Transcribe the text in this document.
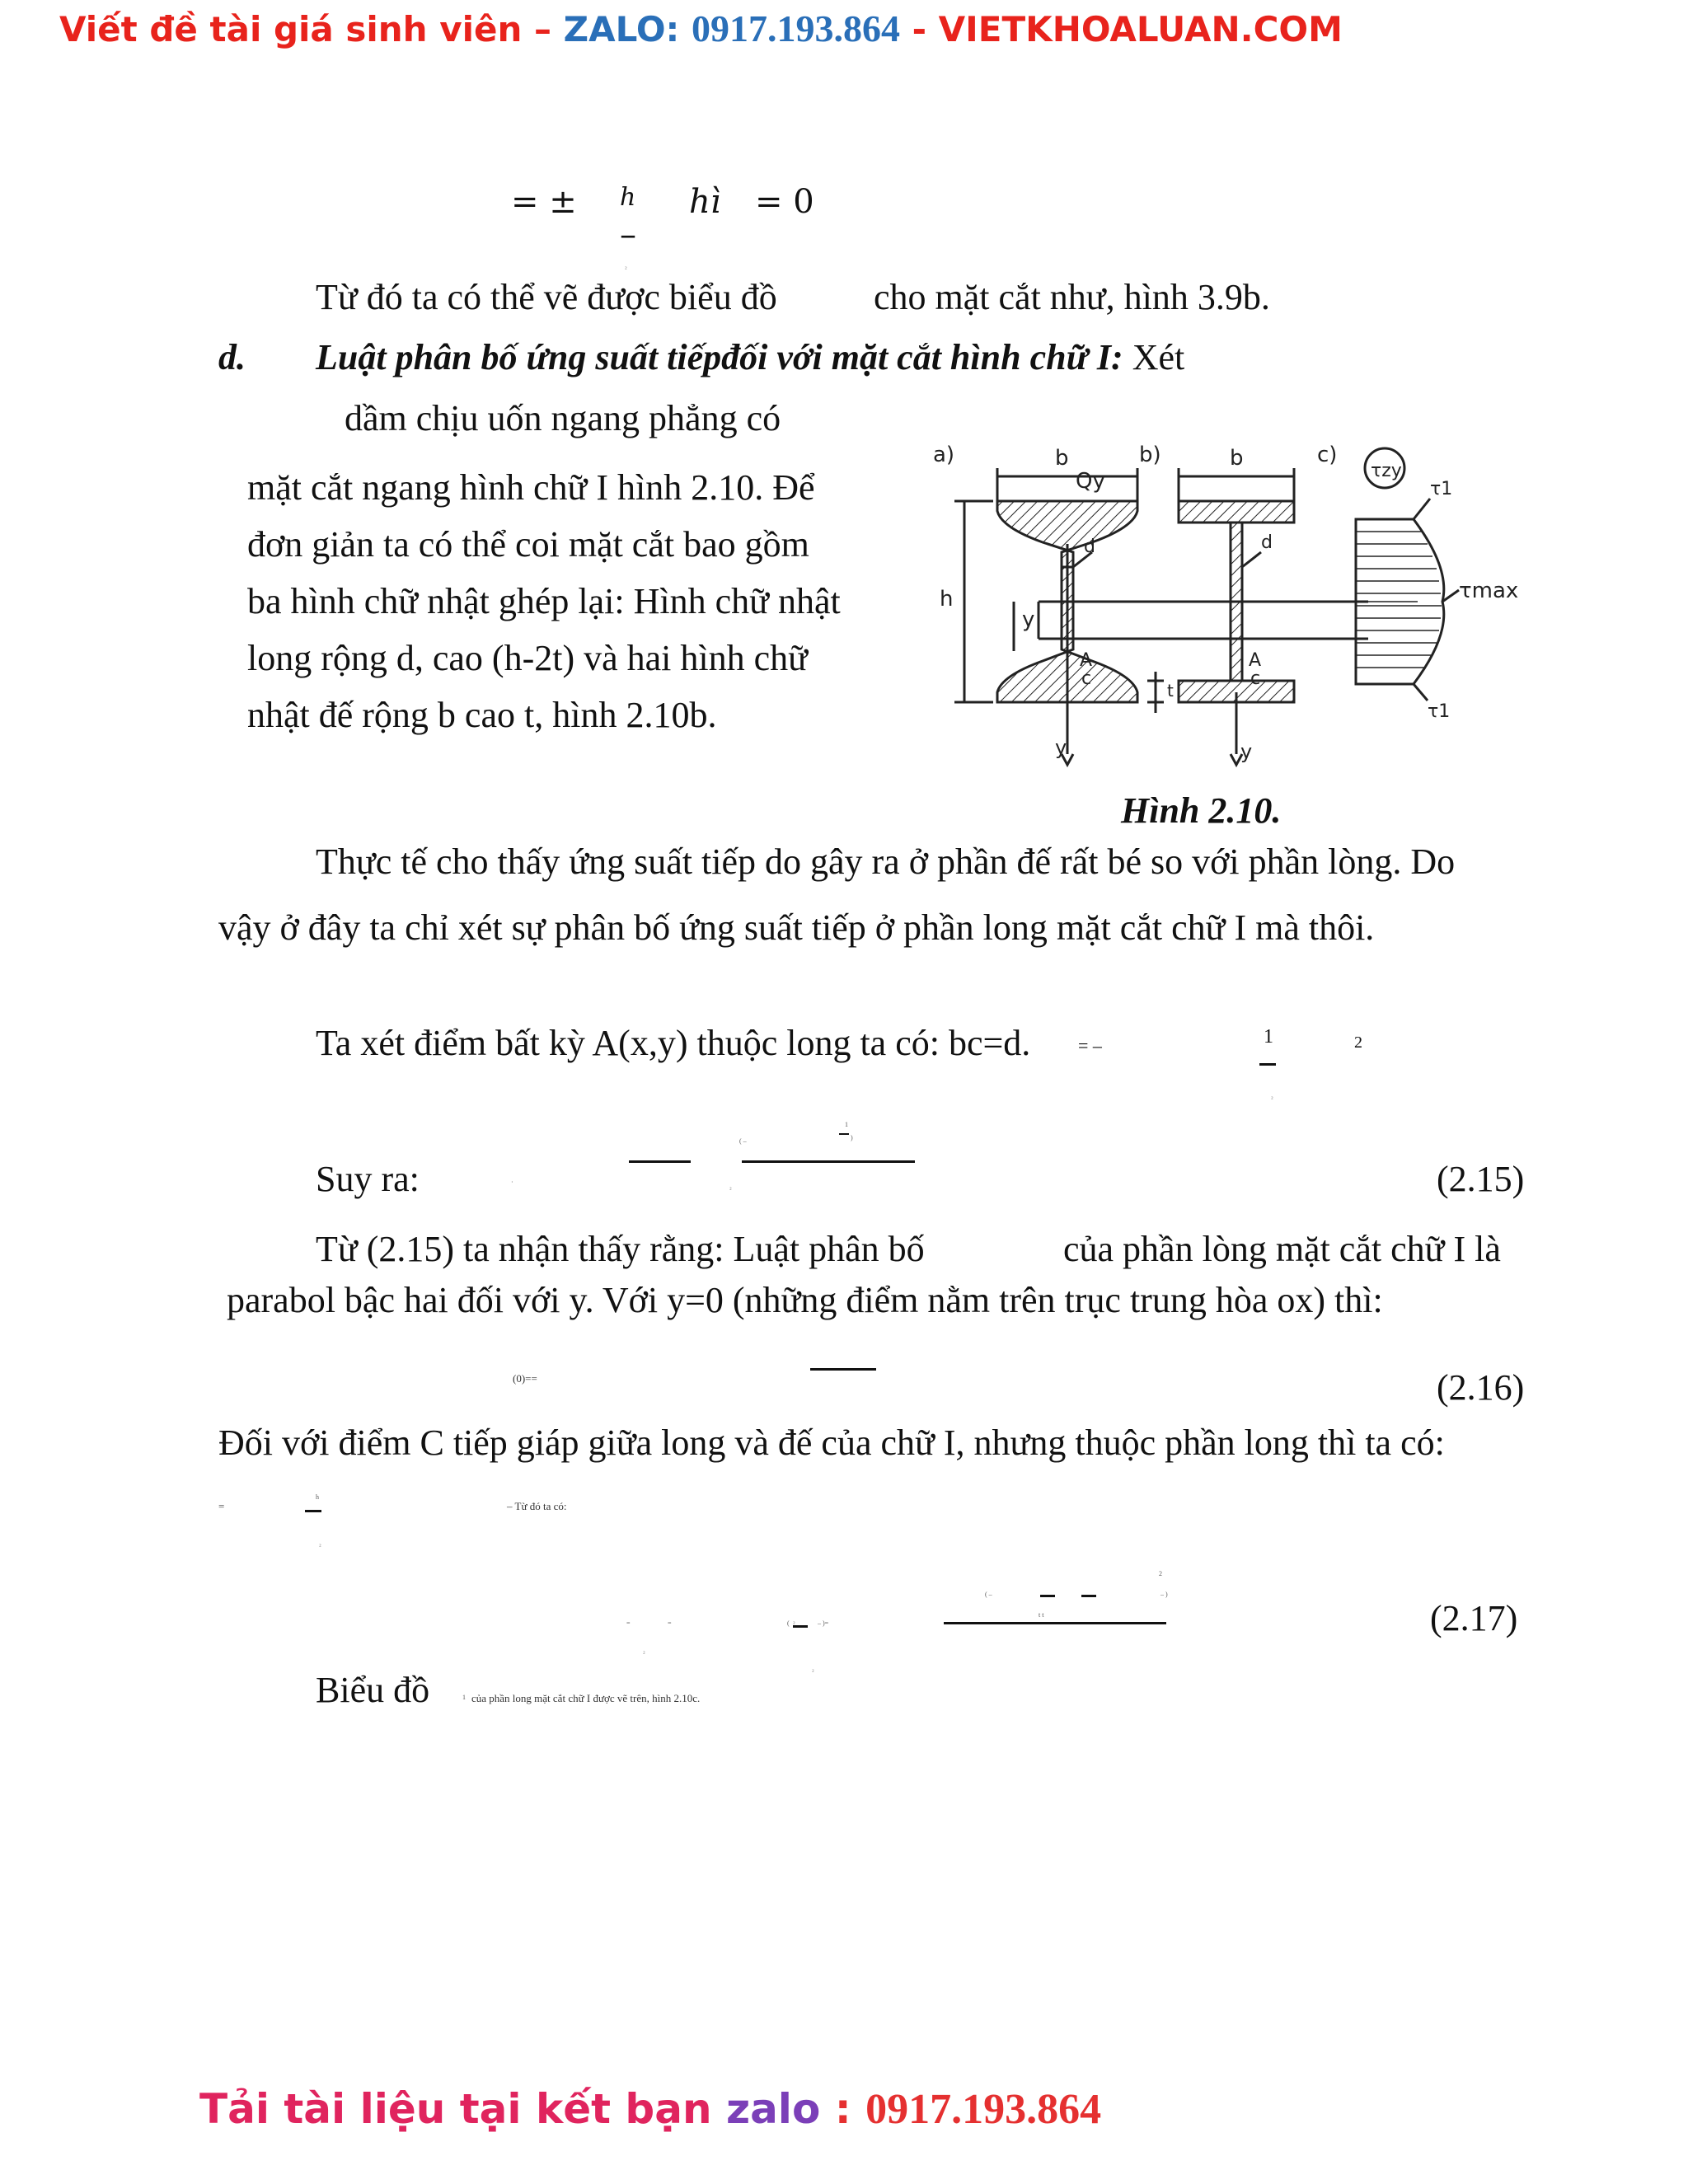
Viết đề tài giá sinh viên – ZALO: 0917.193.864 - VIETKHOALUAN.COM
= ± h
–
₂
hì = 0
Từ đó ta có thể vẽ được biểu đồ	cho mặt cắt như, hình 3.9b.
d. Luật phân bố ứng suất tiếpđối với mặt cắt hình chữ I: Xét
dầm chịu uốn ngang phẳng có
mặt cắt ngang hình chữ I hình 2.10. Để
đơn giản ta có thể coi mặt cắt bao gồm
ba hình chữ nhật ghép lại: Hình chữ nhật
long rộng d, cao (h-2t) và hai hình chữ
nhật đế rộng b cao t, hình 2.10b.
a)	b
Qy
b)	b	c)
τzy
τ1
τmax
τ1
h
y
d	d
A
c
A
c
t
y	y
Hình 2.10.
Thực tế cho thấy ứng suất tiếp do gây ra ở phần đế rất bé so với phần lòng. Do
vậy ở đây ta chỉ xét sự phân bố ứng suất tiếp ở phần long mặt cắt chữ I mà thôi.
Ta xét điểm bất kỳ A(x,y) thuộc long ta có: bc=d.	= –	1	2
₂
Suy ra:
1
( –	)
·
₂	(2.15)
Từ (2.15) ta nhận thấy rằng: Luật phân bố	của phần lòng mặt cắt chữ I là
parabol bậc hai đối với y. Với y=0 (những điểm nằm trên trục trung hòa ox) thì:
(0)==	(2.16)
Đối với điểm C tiếp giáp giữa long và đế của chữ I, nhưng thuộc phần long thì ta có:
=
h
₂
– Từ đó ta có:
=	=	(	– )=
( –	– )
t t
2
₂
₂
₂	(2.17)
Biểu đồ	1 của phần long mặt cắt chữ I được vẽ trên, hình 2.10c.
Tải tài liệu tại kết bạn zalo : 0917.193.864
